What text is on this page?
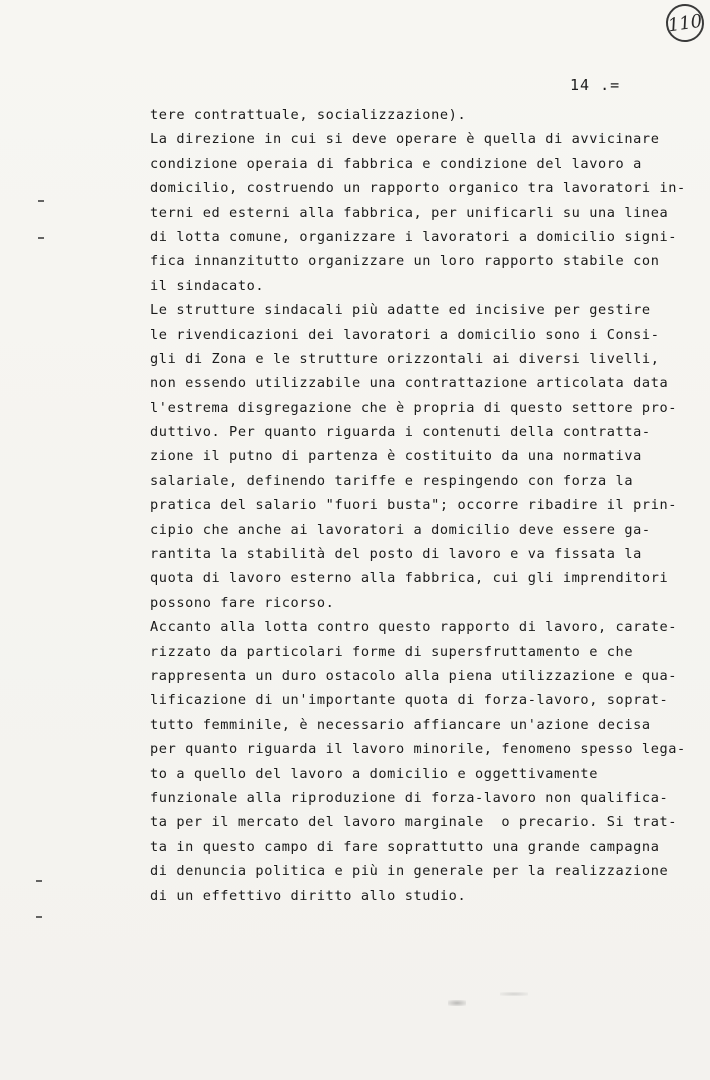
110
14 .=
tere contrattuale, socializzazione).
La direzione in cui si deve operare è quella di avvicinare
condizione operaia di fabbrica e condizione del lavoro a
domicilio, costruendo un rapporto organico tra lavoratori in-
terni ed esterni alla fabbrica, per unificarli su una linea
di lotta comune, organizzare i lavoratori a domicilio signi-
fica innanzitutto organizzare un loro rapporto stabile con
il sindacato.
Le strutture sindacali più adatte ed incisive per gestire
le rivendicazioni dei lavoratori a domicilio sono i Consi-
gli di Zona e le strutture orizzontali ai diversi livelli,
non essendo utilizzabile una contrattazione articolata data
l'estrema disgregazione che è propria di questo settore pro-
duttivo. Per quanto riguarda i contenuti della contratta-
zione il putno di partenza è costituito da una normativa
salariale, definendo tariffe e respingendo con forza la
pratica del salario "fuori busta"; occorre ribadire il prin-
cipio che anche ai lavoratori a domicilio deve essere ga-
rantita la stabilità del posto di lavoro e va fissata la
quota di lavoro esterno alla fabbrica, cui gli imprenditori
possono fare ricorso.
Accanto alla lotta contro questo rapporto di lavoro, carate-
rizzato da particolari forme di supersfruttamento e che
rappresenta un duro ostacolo alla piena utilizzazione e qua-
lificazione di un'importante quota di forza-lavoro, soprat-
tutto femminile, è necessario affiancare un'azione decisa
per quanto riguarda il lavoro minorile, fenomeno spesso lega-
to a quello del lavoro a domicilio e oggettivamente
funzionale alla riproduzione di forza-lavoro non qualifica-
ta per il mercato del lavoro marginale  o precario. Si trat-
ta in questo campo di fare soprattutto una grande campagna
di denuncia politica e più in generale per la realizzazione
di un effettivo diritto allo studio.
